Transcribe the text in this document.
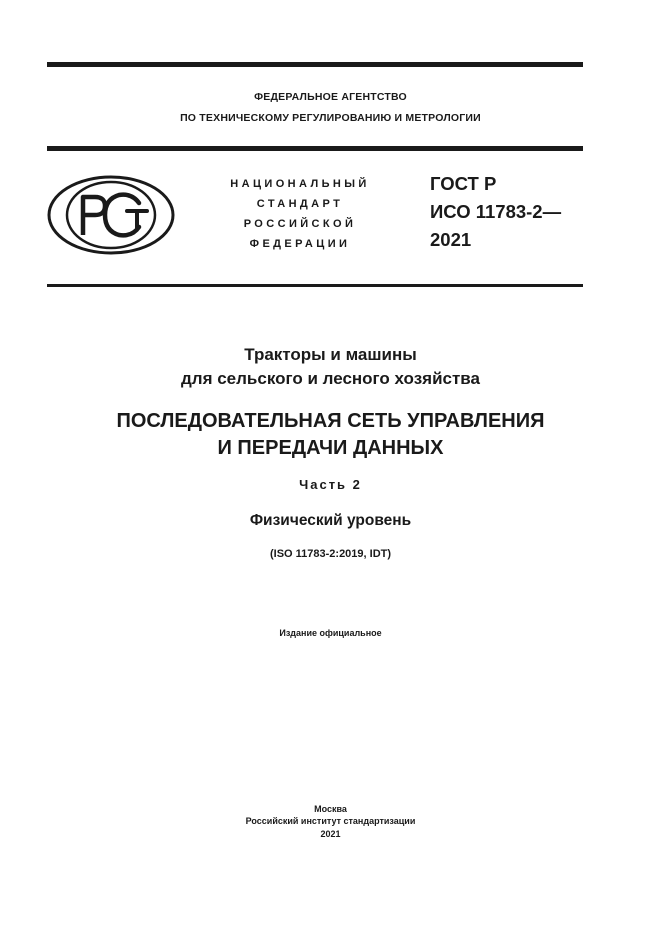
ФЕДЕРАЛЬНОЕ АГЕНТСТВО
ПО ТЕХНИЧЕСКОМУ РЕГУЛИРОВАНИЮ И МЕТРОЛОГИИ
НАЦИОНАЛЬНЫЙ
СТАНДАРТ
РОССИЙСКОЙ
ФЕДЕРАЦИИ
ГОСТ Р
ИСО 11783-2—
2021
Тракторы и машины
для сельского и лесного хозяйства
ПОСЛЕДОВАТЕЛЬНАЯ СЕТЬ УПРАВЛЕНИЯ
И ПЕРЕДАЧИ ДАННЫХ
Часть 2
Физический уровень
(ISO 11783-2:2019, IDT)
Издание официальное
Москва
Российский институт стандартизации
2021
